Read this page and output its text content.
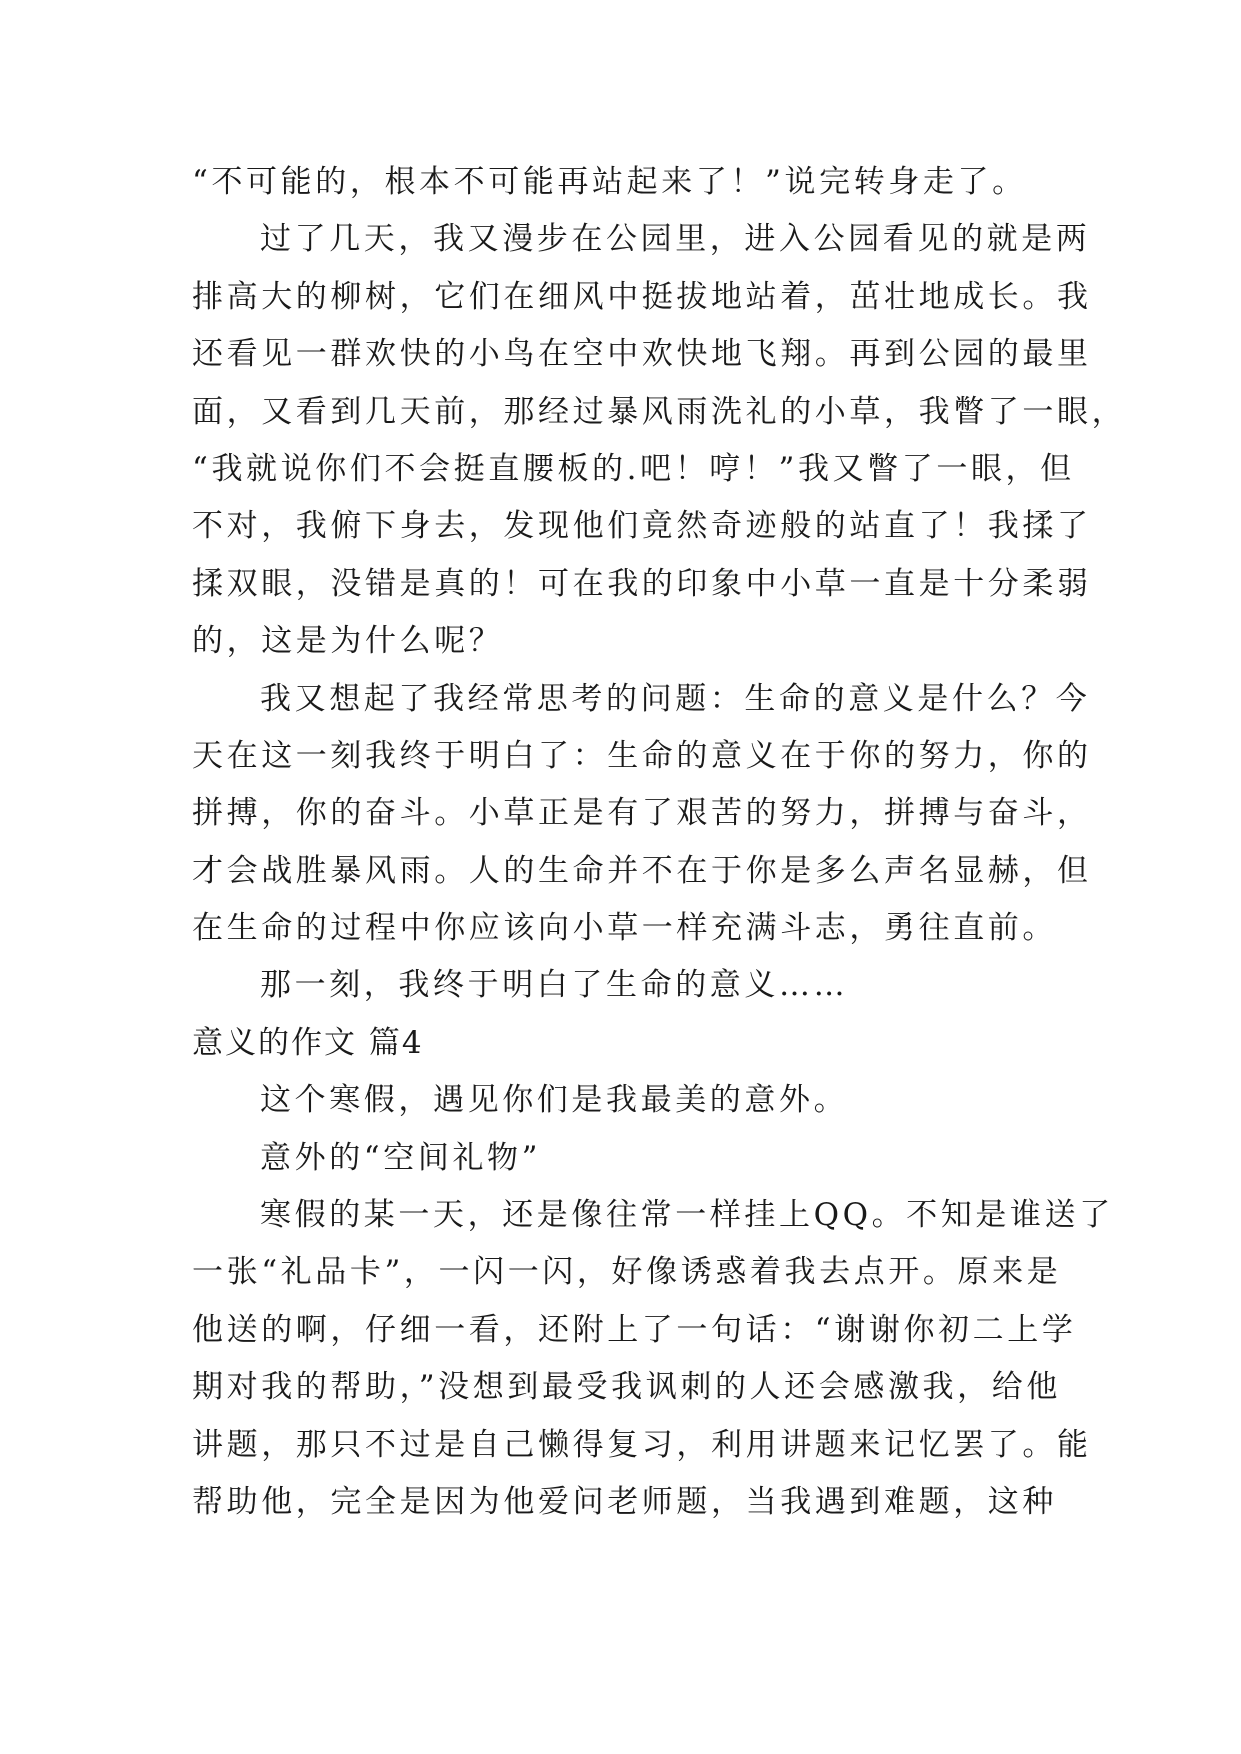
“不可能的，根本不可能再站起来了！”说完转身走了。
过了几天，我又漫步在公园里，进入公园看见的就是两
排高大的柳树，它们在细风中挺拔地站着，茁壮地成长。我
还看见一群欢快的小鸟在空中欢快地飞翔。再到公园的最里
面，又看到几天前，那经过暴风雨洗礼的小草，我瞥了一眼，
“我就说你们不会挺直腰板的.吧！哼！”我又瞥了一眼，但
不对，我俯下身去，发现他们竟然奇迹般的站直了！我揉了
揉双眼，没错是真的！可在我的印象中小草一直是十分柔弱
的，这是为什么呢？
我又想起了我经常思考的问题：生命的意义是什么？今
天在这一刻我终于明白了：生命的意义在于你的努力，你的
拼搏，你的奋斗。小草正是有了艰苦的努力，拼搏与奋斗，
才会战胜暴风雨。人的生命并不在于你是多么声名显赫，但
在生命的过程中你应该向小草一样充满斗志，勇往直前。
那一刻，我终于明白了生命的意义……
意义的作文 篇4
这个寒假，遇见你们是我最美的意外。
意外的“空间礼物”
寒假的某一天，还是像往常一样挂上QQ。不知是谁送了
一张“礼品卡”，一闪一闪，好像诱惑着我去点开。原来是
他送的啊，仔细一看，还附上了一句话：“谢谢你初二上学
期对我的帮助，”没想到最受我讽刺的人还会感激我，给他
讲题，那只不过是自己懒得复习，利用讲题来记忆罢了。能
帮助他，完全是因为他爱问老师题，当我遇到难题，这种
